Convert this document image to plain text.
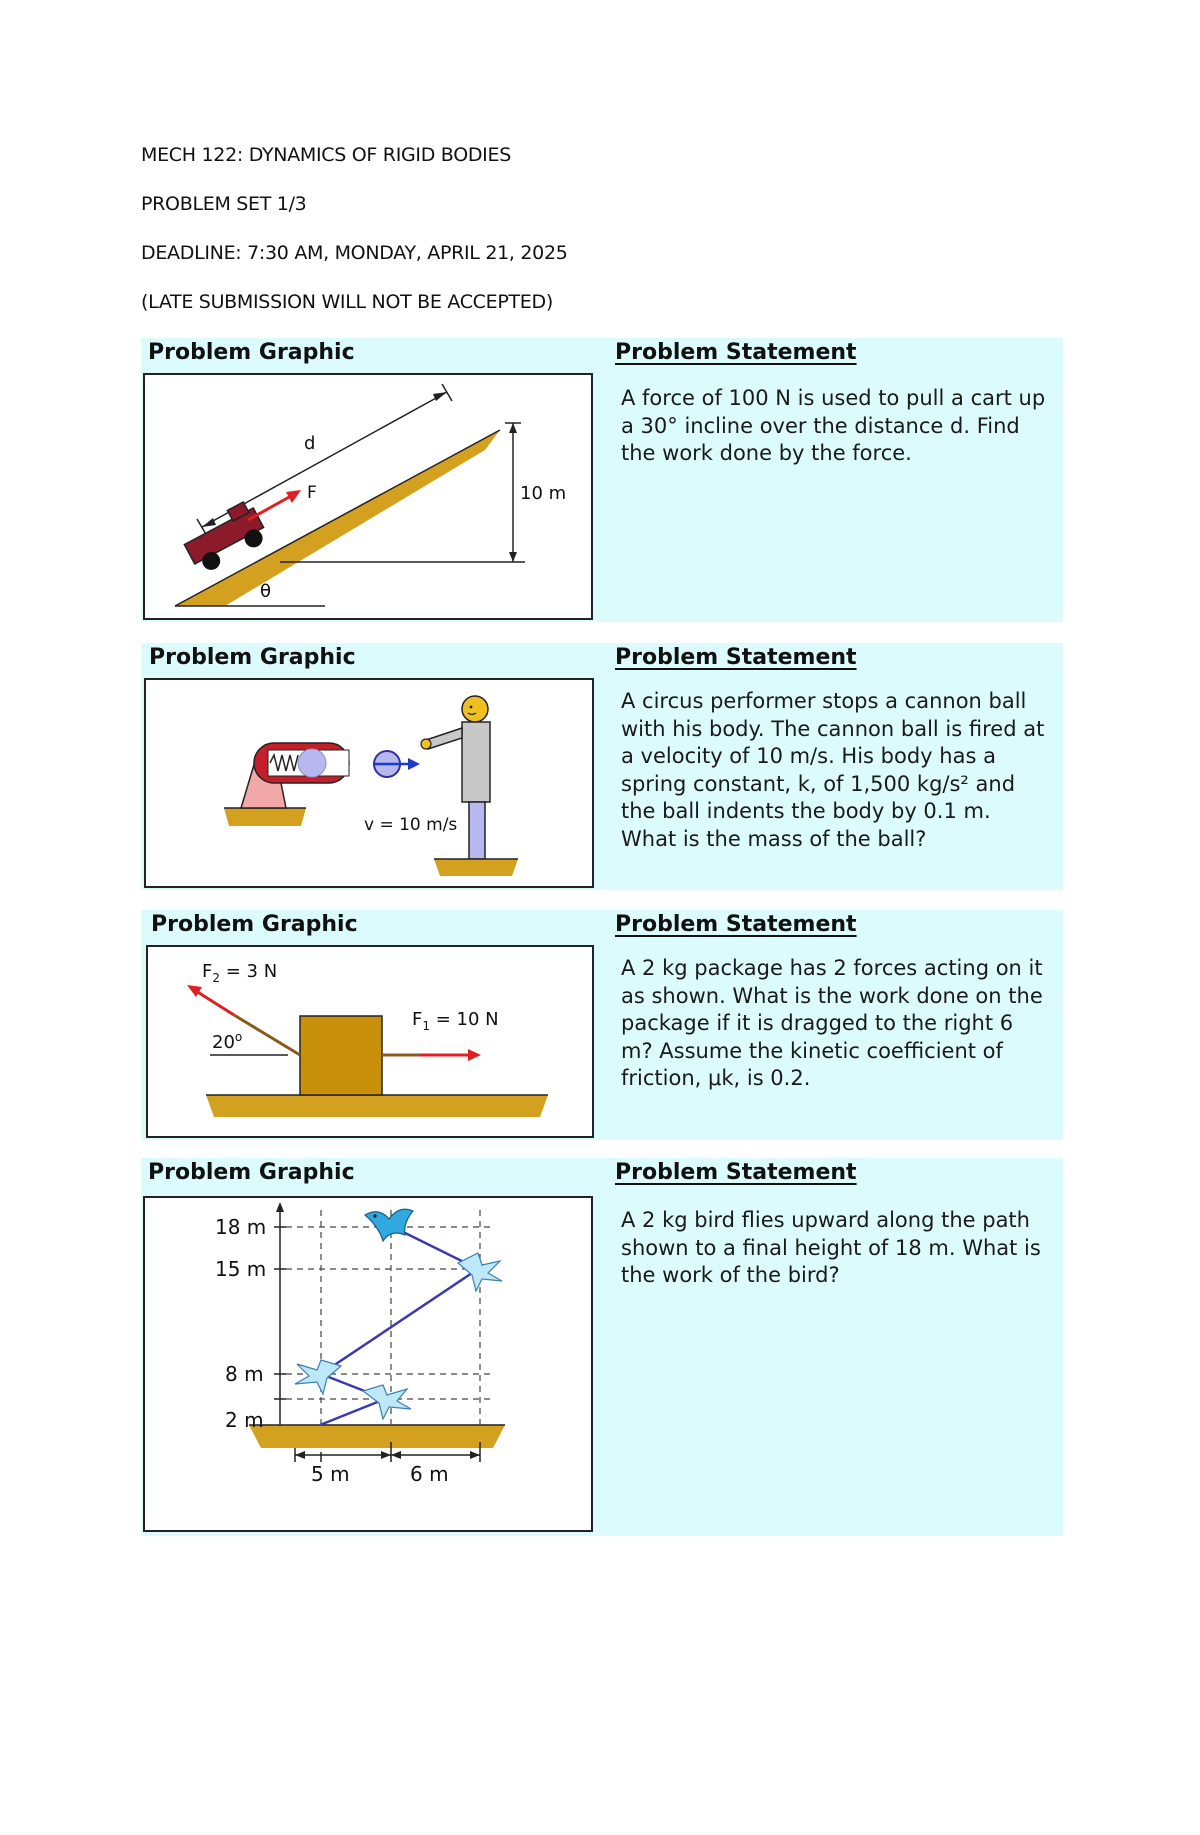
MECH 122: DYNAMICS OF RIGID BODIES
PROBLEM SET 1/3
DEADLINE: 7:30 AM, MONDAY, APRIL 21, 2025
(LATE SUBMISSION WILL NOT BE ACCEPTED)
Problem Graphic	Problem Statement
10 m
d
F
θ
A force of 100 N is used to pull a cart up a 30° incline over the distance d. Find the work done by the force.
Problem Graphic	Problem Statement
v = 10 m/s
A circus performer stops a cannon ball with his body. The cannon ball is fired at a velocity of 10 m/s. His body has a spring constant, k, of 1,500 kg/s² and the ball indents the body by 0.1 m. What is the mass of the ball?
Problem Graphic	Problem Statement
20$^o$
$F_2 = 3$ N
$F_1 = 10$ N
A 2 kg package has 2 forces acting on it as shown. What is the work done on the package if it is dragged to the right 6 m? Assume the kinetic coefficient of friction, μk, is 0.2.
Problem Graphic	Problem Statement
18 m
15 m
8 m
2 m
5 m	6 m
A 2 kg bird flies upward along the path shown to a final height of 18 m. What is the work of the bird?
